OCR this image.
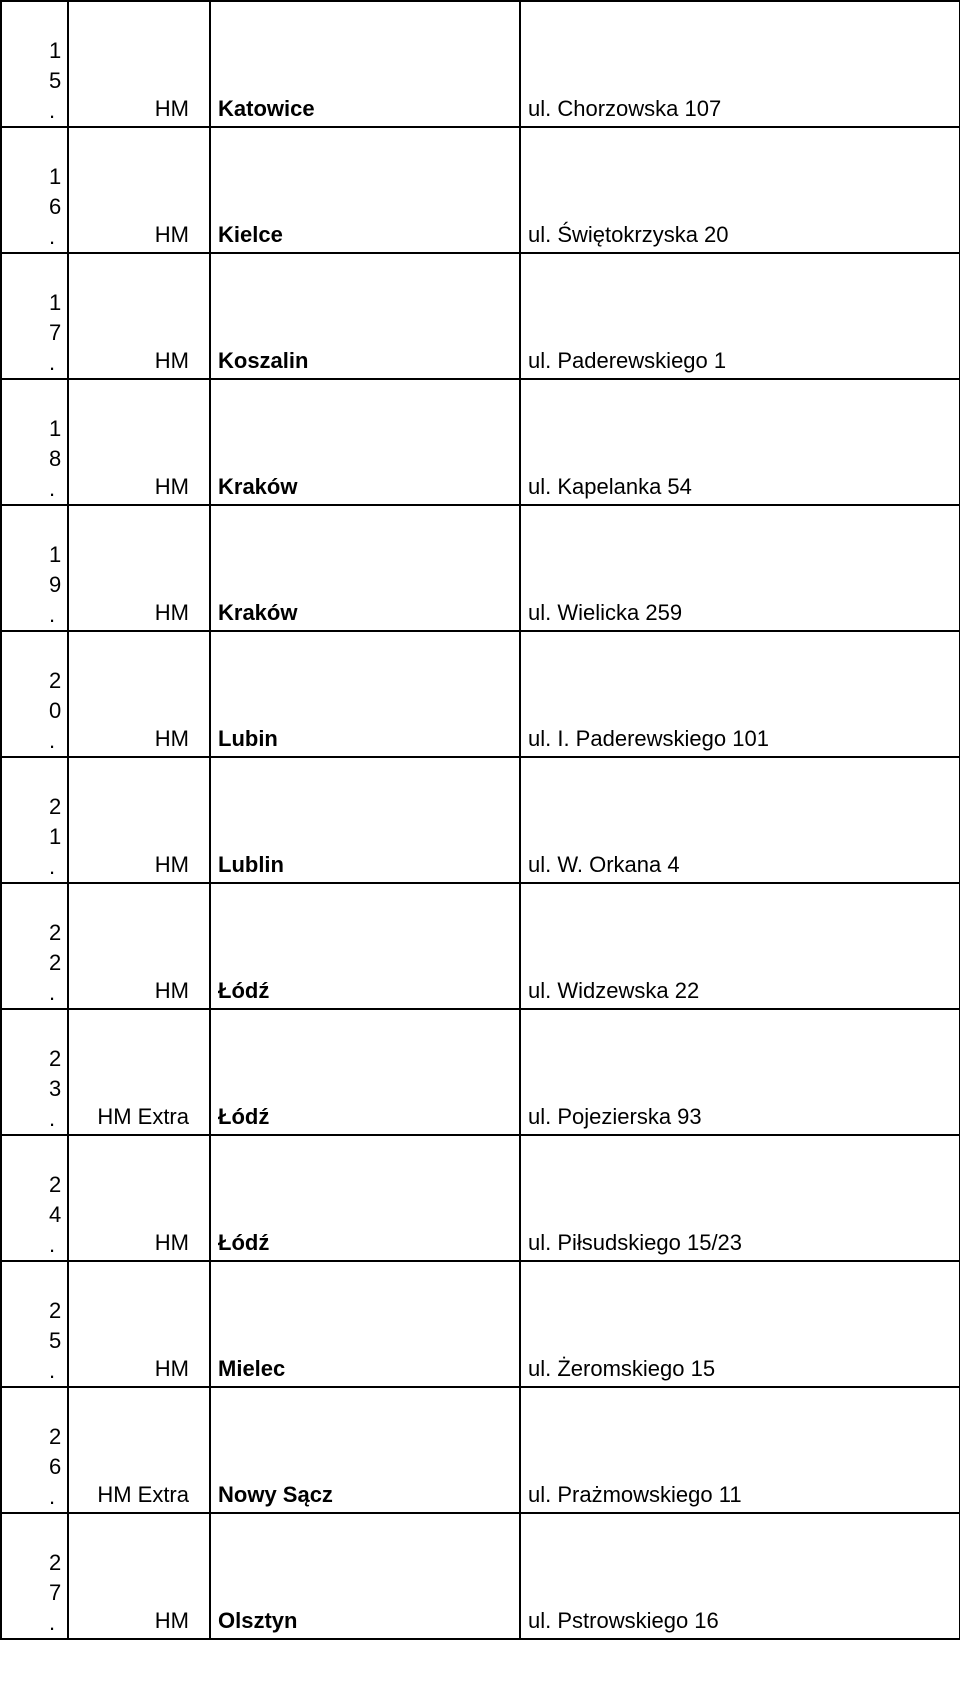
1
5
.	HM	Katowice	ul. Chorzowska 107

1
6
.	HM	Kielce	ul. Świętokrzyska 20

1
7
.	HM	Koszalin	ul. Paderewskiego 1

1
8
.	HM	Kraków	ul. Kapelanka 54

1
9
.	HM	Kraków	ul. Wielicka 259

2
0
.	HM	Lubin	ul. I. Paderewskiego 101

2
1
.	HM	Lublin	ul. W. Orkana 4

2
2
.	HM	Łódź	ul. Widzewska 22

2
3
.	HM Extra	Łódź	ul. Pojezierska 93

2
4
.	HM	Łódź	ul. Piłsudskiego 15/23

2
5
.	HM	Mielec	ul. Żeromskiego 15

2
6
.	HM Extra	Nowy Sącz	ul. Prażmowskiego 11

2
7
.	HM	Olsztyn	ul. Pstrowskiego 16
